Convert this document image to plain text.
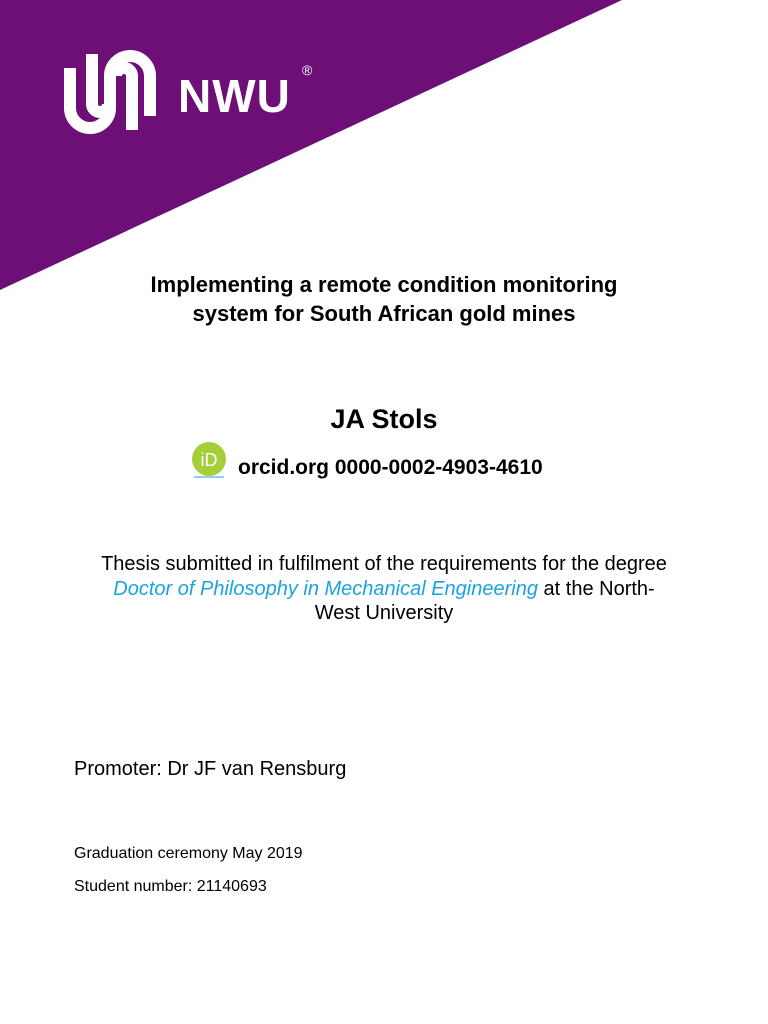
NWU ®
Implementing a remote condition monitoring
system for South African gold mines
JA Stols
iD orcid.org 0000-0002-4903-4610
Thesis submitted in fulfilment of the requirements for the degree
Doctor of Philosophy in Mechanical Engineering at the North-
West University
Promoter: Dr JF van Rensburg
Graduation ceremony May 2019
Student number: 21140693
